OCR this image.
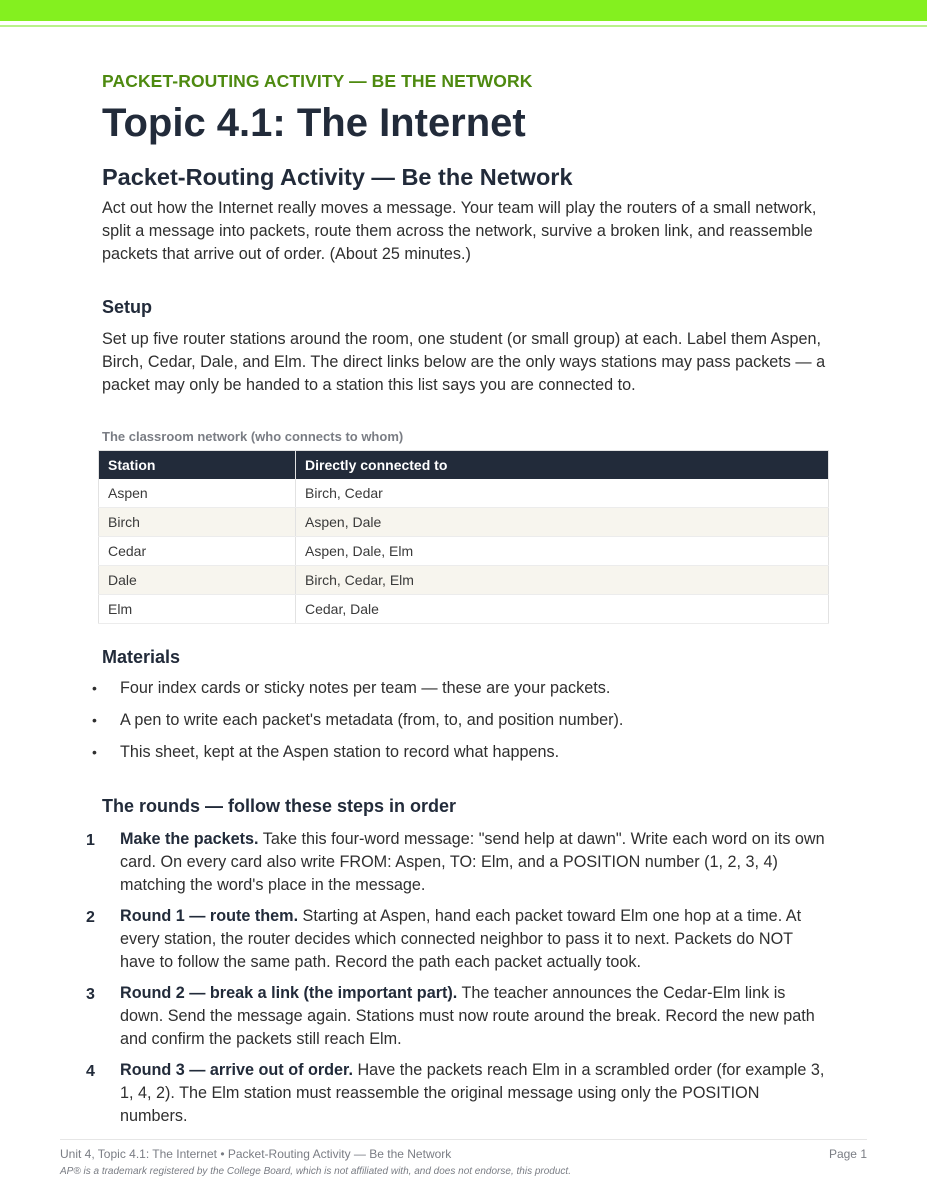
PACKET-ROUTING ACTIVITY — BE THE NETWORK
Topic 4.1: The Internet
Packet-Routing Activity — Be the Network
Act out how the Internet really moves a message. Your team will play the routers of a small network, split a message into packets, route them across the network, survive a broken link, and reassemble packets that arrive out of order. (About 25 minutes.)
Setup
Set up five router stations around the room, one student (or small group) at each. Label them Aspen, Birch, Cedar, Dale, and Elm. The direct links below are the only ways stations may pass packets — a packet may only be handed to a station this list says you are connected to.
The classroom network (who connects to whom)
Station	Directly connected to
Aspen	Birch, Cedar
Birch	Aspen, Dale
Cedar	Aspen, Dale, Elm
Dale	Birch, Cedar, Elm
Elm	Cedar, Dale
Materials
• Four index cards or sticky notes per team — these are your packets.
• A pen to write each packet's metadata (from, to, and position number).
• This sheet, kept at the Aspen station to record what happens.
The rounds — follow these steps in order
1 Make the packets. Take this four-word message: "send help at dawn". Write each word on its own card. On every card also write FROM: Aspen, TO: Elm, and a POSITION number (1, 2, 3, 4) matching the word's place in the message.
2 Round 1 — route them. Starting at Aspen, hand each packet toward Elm one hop at a time. At every station, the router decides which connected neighbor to pass it to next. Packets do NOT have to follow the same path. Record the path each packet actually took.
3 Round 2 — break a link (the important part). The teacher announces the Cedar-Elm link is down. Send the message again. Stations must now route around the break. Record the new path and confirm the packets still reach Elm.
4 Round 3 — arrive out of order. Have the packets reach Elm in a scrambled order (for example 3, 1, 4, 2). The Elm station must reassemble the original message using only the POSITION numbers.
Unit 4, Topic 4.1: The Internet • Packet-Routing Activity — Be the Network	Page 1
AP® is a trademark registered by the College Board, which is not affiliated with, and does not endorse, this product.
